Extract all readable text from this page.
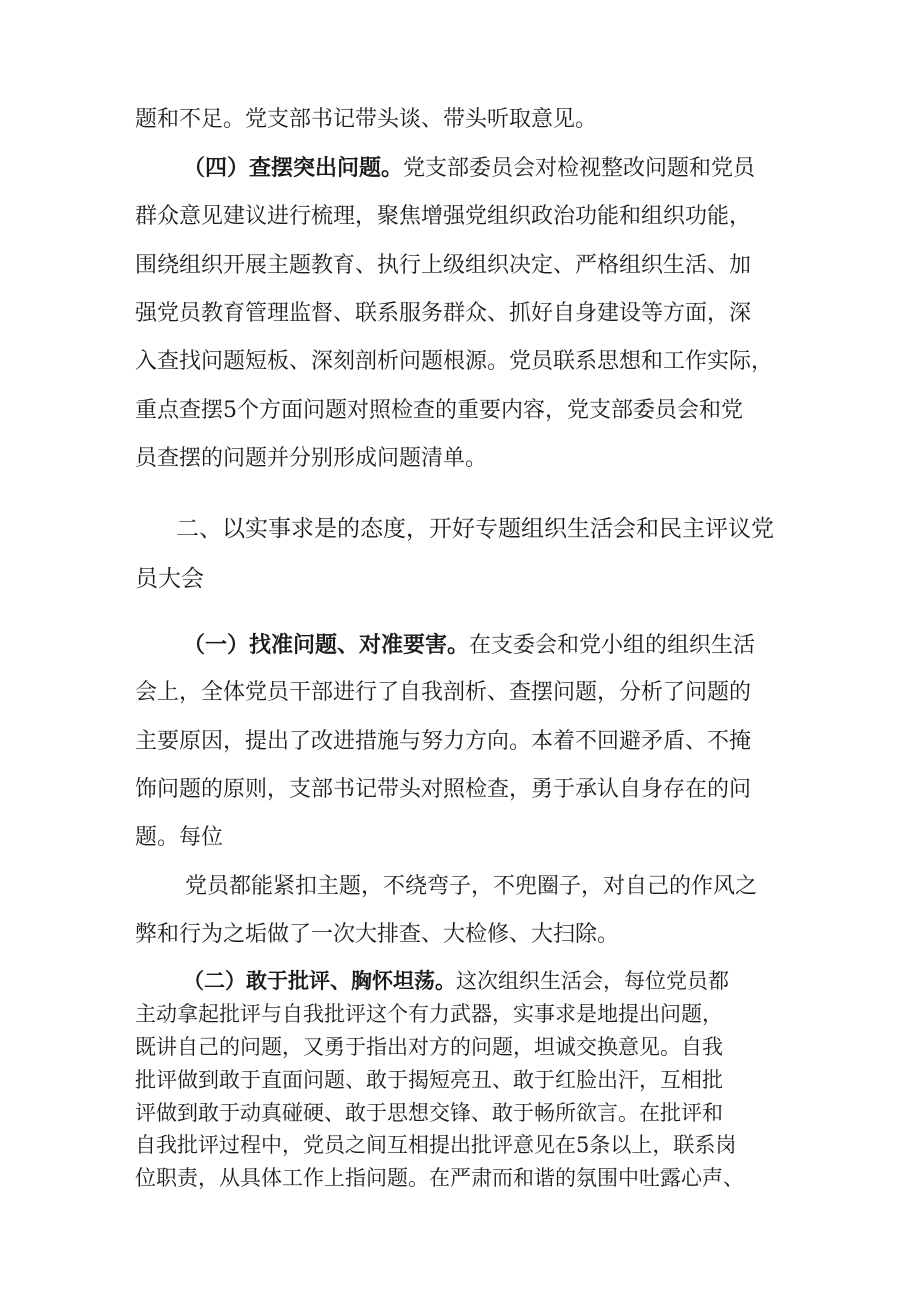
题和不足。党支部书记带头谈、带头听取意见。
（四）查摆突出问题。党支部委员会对检视整改问题和党员
群众意见建议进行梳理，聚焦增强党组织政治功能和组织功能，
围绕组织开展主题教育、执行上级组织决定、严格组织生活、加
强党员教育管理监督、联系服务群众、抓好自身建设等方面，深
入查找问题短板、深刻剖析问题根源。党员联系思想和工作实际，
重点查摆5个方面问题对照检查的重要内容，党支部委员会和党
员查摆的问题并分别形成问题清单。
二、以实事求是的态度，开好专题组织生活会和民主评议党
员大会
（一）找准问题、对准要害。在支委会和党小组的组织生活
会上，全体党员干部进行了自我剖析、查摆问题，分析了问题的
主要原因，提出了改进措施与努力方向。本着不回避矛盾、不掩
饰问题的原则，支部书记带头对照检查，勇于承认自身存在的问
题。每位
党员都能紧扣主题，不绕弯子，不兜圈子，对自己的作风之
弊和行为之垢做了一次大排查、大检修、大扫除。
（二）敢于批评、胸怀坦荡。这次组织生活会，每位党员都
主动拿起批评与自我批评这个有力武器，实事求是地提出问题，
既讲自己的问题，又勇于指出对方的问题，坦诚交换意见。自我
批评做到敢于直面问题、敢于揭短亮丑、敢于红脸出汗，互相批
评做到敢于动真碰硬、敢于思想交锋、敢于畅所欲言。在批评和
自我批评过程中，党员之间互相提出批评意见在5条以上，联系岗
位职责，从具体工作上指问题。在严肃而和谐的氛围中吐露心声、
